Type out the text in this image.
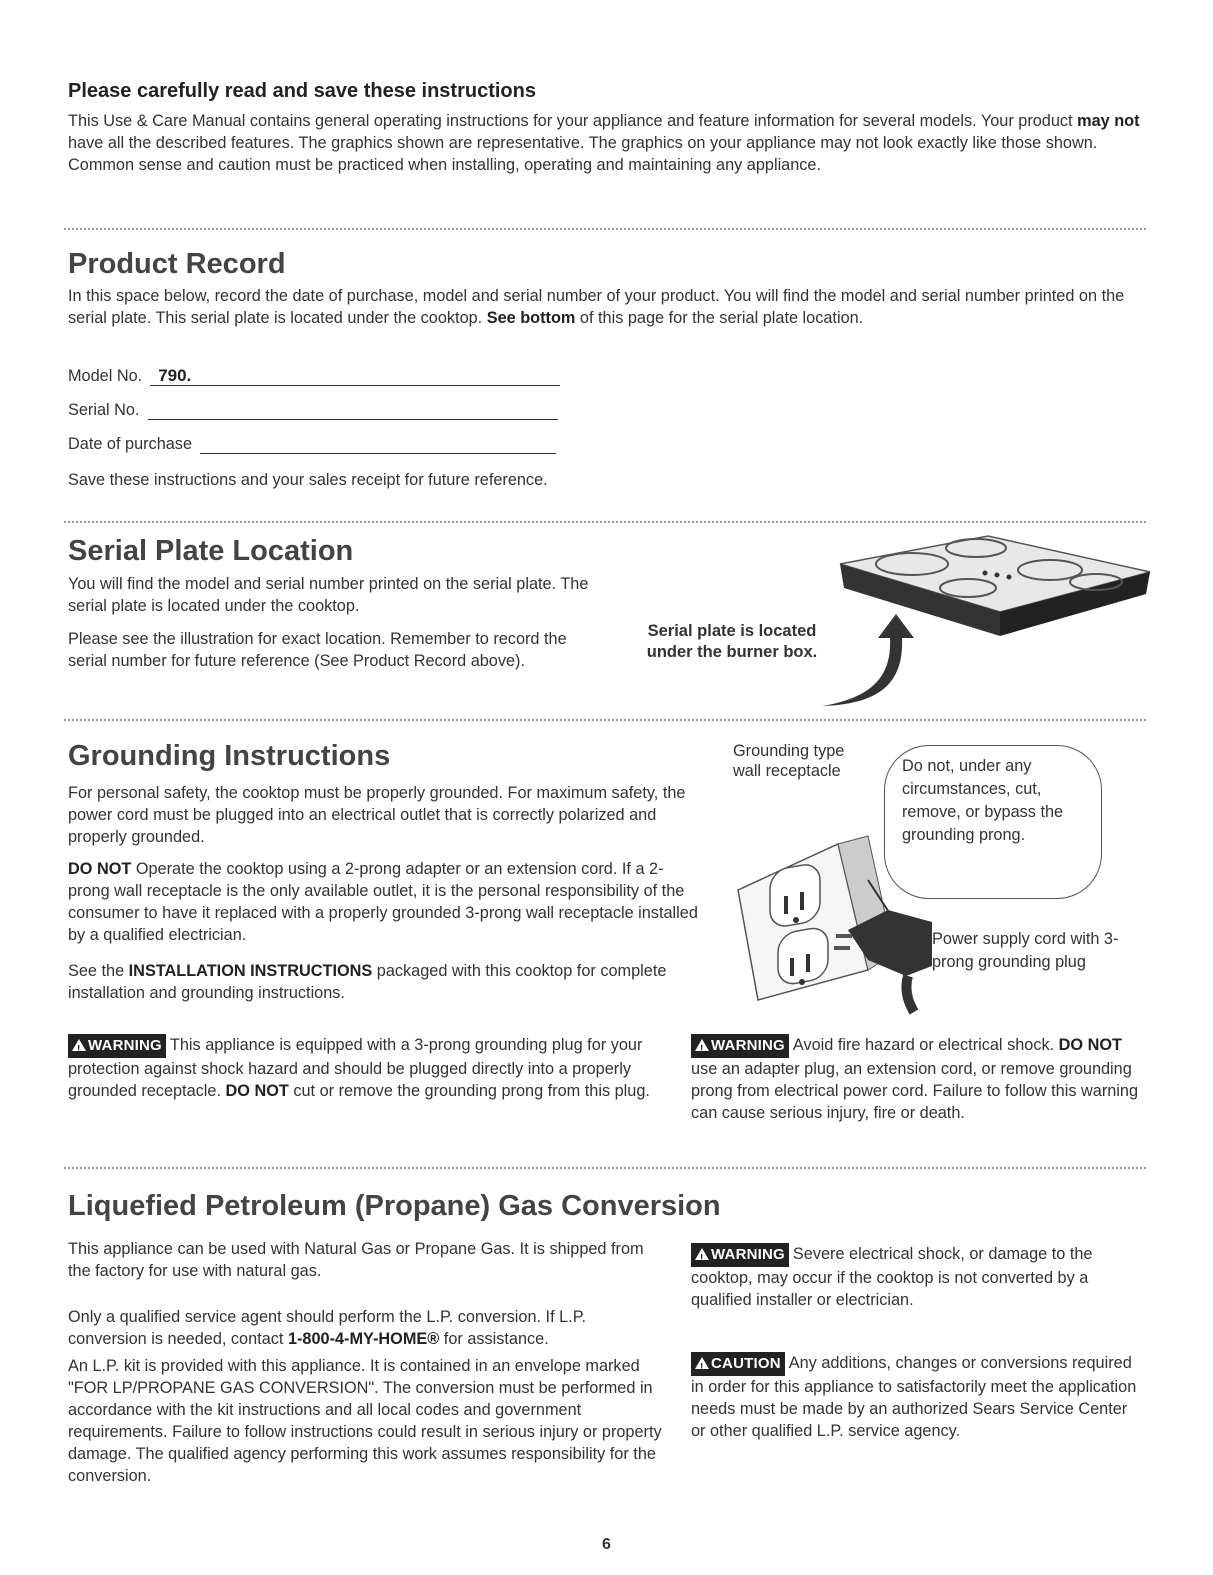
Please carefully read and save these instructions
This Use & Care Manual contains general operating instructions for your appliance and feature information for several models. Your product may not have all the described features. The graphics shown are representative. The graphics on your appliance may not look exactly like those shown. Common sense and caution must be practiced when installing, operating and maintaining any appliance.
Product Record
In this space below, record the date of purchase, model and serial number of your product. You will find the model and serial number printed on the serial plate. This serial plate is located under the cooktop. See bottom of this page for the serial plate location.
Model No. 790.
Serial No.
Date of purchase
Save these instructions and your sales receipt for future reference.
Serial Plate Location
You will find the model and serial number printed on the serial plate. The serial plate is located under the cooktop.
Please see the illustration for exact location. Remember to record the serial number for future reference (See Product Record above).
Serial plate is located under the burner box.
Grounding Instructions
For personal safety, the cooktop must be properly grounded. For maximum safety, the power cord must be plugged into an electrical outlet that is correctly polarized and properly grounded.
DO NOT Operate the cooktop using a 2-prong adapter or an extension cord. If a 2-prong wall receptacle is the only available outlet, it is the personal responsibility of the consumer to have it replaced with a properly grounded 3-prong wall receptacle installed by a qualified electrician.
See the INSTALLATION INSTRUCTIONS packaged with this cooktop for complete installation and grounding instructions.
Grounding type wall receptacle	Do not, under any circumstances, cut, remove, or bypass the grounding prong.
Power supply cord with 3-prong grounding plug
!WARNING This appliance is equipped with a 3-prong grounding plug for your protection against shock hazard and should be plugged directly into a properly grounded receptacle. DO NOT cut or remove the grounding prong from this plug.
!WARNING Avoid fire hazard or electrical shock. DO NOT use an adapter plug, an extension cord, or remove grounding prong from electrical power cord. Failure to follow this warning can cause serious injury, fire or death.
Liquefied Petroleum (Propane) Gas Conversion
This appliance can be used with Natural Gas or Propane Gas. It is shipped from the factory for use with natural gas.
Only a qualified service agent should perform the L.P. conversion. If L.P. conversion is needed, contact 1-800-4-MY-HOME® for assistance.
An L.P. kit is provided with this appliance. It is contained in an envelope marked "FOR LP/PROPANE GAS CONVERSION". The conversion must be performed in accordance with the kit instructions and all local codes and government requirements. Failure to follow instructions could result in serious injury or property damage. The qualified agency performing this work assumes responsibility for the conversion.
!WARNING Severe electrical shock, or damage to the cooktop, may occur if the cooktop is not converted by a qualified installer or electrician.
!CAUTION Any additions, changes or conversions required in order for this appliance to satisfactorily meet the application needs must be made by an authorized Sears Service Center or other qualified L.P. service agency.
6
